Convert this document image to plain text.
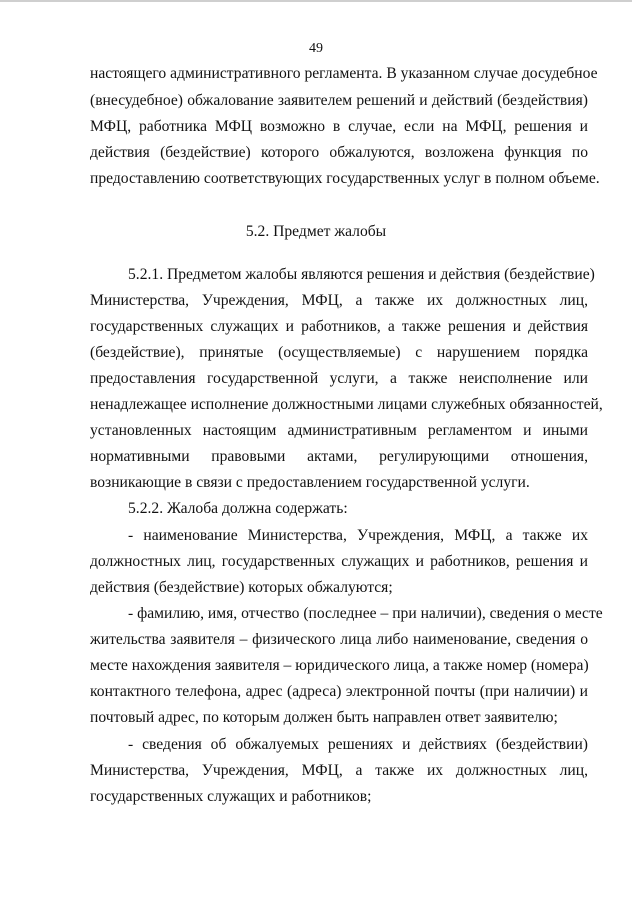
49
настоящего административного регламента. В указанном случае досудебное
(внесудебное) обжалование заявителем решений и действий (бездействия)
МФЦ, работника МФЦ возможно в случае, если на МФЦ, решения и
действия (бездействие) которого обжалуются, возложена функция по
предоставлению соответствующих государственных услуг в полном объеме.
5.2. Предмет жалобы
5.2.1. Предметом жалобы являются решения и действия (бездействие)
Министерства, Учреждения, МФЦ, а также их должностных лиц,
государственных служащих и работников, а также решения и действия
(бездействие), принятые (осуществляемые) с нарушением порядка
предоставления государственной услуги, а также неисполнение или
ненадлежащее исполнение должностными лицами служебных обязанностей,
установленных настоящим административным регламентом и иными
нормативными правовыми актами, регулирующими отношения,
возникающие в связи с предоставлением государственной услуги.
5.2.2. Жалоба должна содержать:
- наименование Министерства, Учреждения, МФЦ, а также их
должностных лиц, государственных служащих и работников, решения и
действия (бездействие) которых обжалуются;
- фамилию, имя, отчество (последнее – при наличии), сведения о месте
жительства заявителя – физического лица либо наименование, сведения о
месте нахождения заявителя – юридического лица, а также номер (номера)
контактного телефона, адрес (адреса) электронной почты (при наличии) и
почтовый адрес, по которым должен быть направлен ответ заявителю;
- сведения об обжалуемых решениях и действиях (бездействии)
Министерства, Учреждения, МФЦ, а также их должностных лиц,
государственных служащих и работников;
